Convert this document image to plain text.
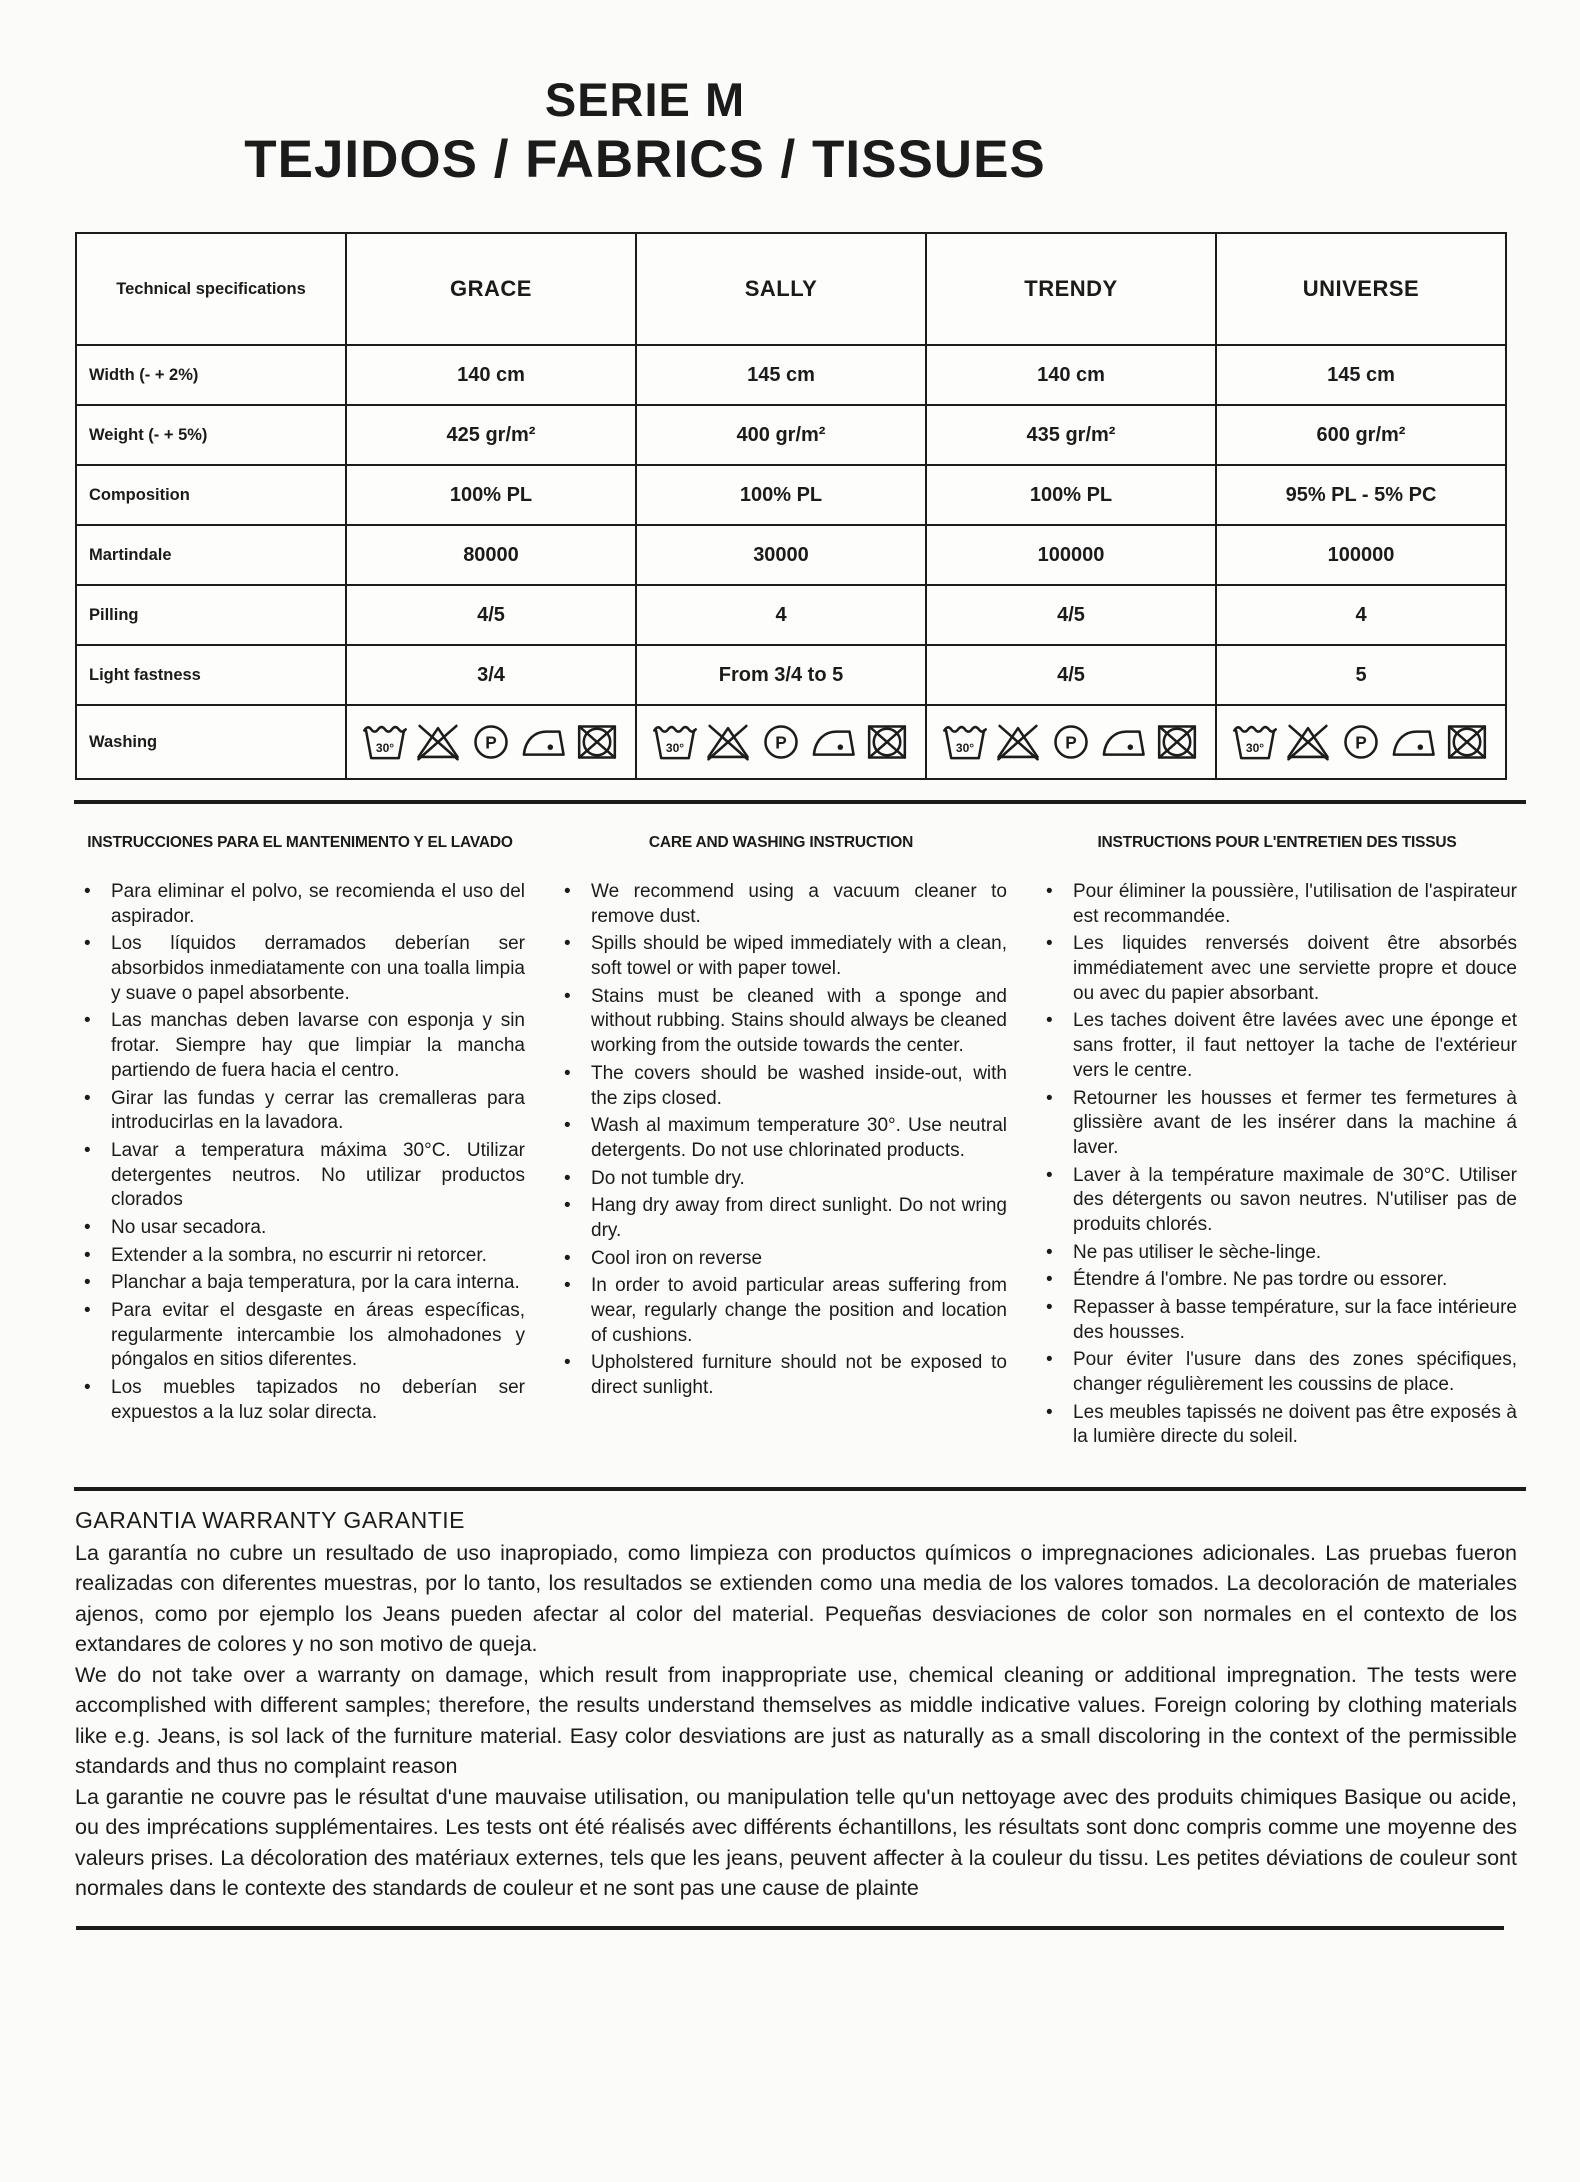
SERIE M
TEJIDOS / FABRICS / TISSUES
Technical specifications	GRACE	SALLY	TRENDY	UNIVERSE
Width (- + 2%)	140 cm	145 cm	140 cm	145 cm
Weight (- + 5%)	425 gr/m²	400 gr/m²	435 gr/m²	600 gr/m²
Composition	100% PL	100% PL	100% PL	95% PL - 5% PC
Martindale	80000	30000	100000	100000
Pilling	4/5	4	4/5	4
Light fastness	3/4	From 3/4 to 5	4/5	5
Washing	30° P	30° P	30° P	30° P
INSTRUCCIONES PARA EL MANTENIMENTO Y EL LAVADO
• Para eliminar el polvo, se recomienda el uso del aspirador.
• Los líquidos derramados deberían ser absorbidos inmediatamente con una toalla limpia y suave o papel absorbente.
• Las manchas deben lavarse con esponja y sin frotar. Siempre hay que limpiar la mancha partiendo de fuera hacia el centro.
• Girar las fundas y cerrar las cremalleras para introducirlas en la lavadora.
• Lavar a temperatura máxima 30°C. Utilizar detergentes neutros. No utilizar productos clorados
• No usar secadora.
• Extender a la sombra, no escurrir ni retorcer.
• Planchar a baja temperatura, por la cara interna.
• Para evitar el desgaste en áreas específicas, regularmente intercambie los almohadones y póngalos en sitios diferentes.
• Los muebles tapizados no deberían ser expuestos a la luz solar directa.
CARE AND WASHING INSTRUCTION
• We recommend using a vacuum cleaner to remove dust.
• Spills should be wiped immediately with a clean, soft towel or with paper towel.
• Stains must be cleaned with a sponge and without rubbing. Stains should always be cleaned working from the outside towards the center.
• The covers should be washed inside-out, with the zips closed.
• Wash al maximum temperature 30°. Use neutral detergents. Do not use chlorinated products.
• Do not tumble dry.
• Hang dry away from direct sunlight. Do not wring dry.
• Cool iron on reverse
• In order to avoid particular areas suffering from wear, regularly change the position and location of cushions.
• Upholstered furniture should not be exposed to direct sunlight.
INSTRUCTIONS POUR L'ENTRETIEN DES TISSUS
• Pour éliminer la poussière, l'utilisation de l'aspirateur est recommandée.
• Les liquides renversés doivent être absorbés immédiatement avec une serviette propre et douce ou avec du papier absorbant.
• Les taches doivent être lavées avec une éponge et sans frotter, il faut nettoyer la tache de l'extérieur vers le centre.
• Retourner les housses et fermer tes fermetures à glissière avant de les insérer dans la machine á laver.
• Laver à la température maximale de 30°C. Utiliser des détergents ou savon neutres. N'utiliser pas de produits chlorés.
• Ne pas utiliser le sèche-linge.
• Étendre á l'ombre. Ne pas tordre ou essorer.
• Repasser à basse température, sur la face intérieure des housses.
• Pour éviter l'usure dans des zones spécifiques, changer régulièrement les coussins de place.
• Les meubles tapissés ne doivent pas être exposés à la lumière directe du soleil.
GARANTIA WARRANTY GARANTIE

La garantía no cubre un resultado de uso inapropiado, como limpieza con productos químicos o impregnaciones adicionales. Las pruebas fueron realizadas con diferentes muestras, por lo tanto, los resultados se extienden como una media de los valores tomados. La decoloración de materiales ajenos, como por ejemplo los Jeans pueden afectar al color del material. Pequeñas desviaciones de color son normales en el contexto de los extandares de colores y no son motivo de queja.

We do not take over a warranty on damage, which result from inappropriate use, chemical cleaning or additional impregnation. The tests were accomplished with different samples; therefore, the results understand themselves as middle indicative values. Foreign coloring by clothing materials like e.g. Jeans, is sol lack of the furniture material. Easy color desviations are just as naturally as a small discoloring in the context of the permissible standards and thus no complaint reason

La garantie ne couvre pas le résultat d'une mauvaise utilisation, ou manipulation telle qu'un nettoyage avec des produits chimiques Basique ou acide, ou des imprécations supplémentaires. Les tests ont été réalisés avec différents échantillons, les résultats sont donc compris comme une moyenne des valeurs prises. La décoloration des matériaux externes, tels que les jeans, peuvent affecter à la couleur du tissu. Les petites déviations de couleur sont normales dans le contexte des standards de couleur et ne sont pas une cause de plainte
